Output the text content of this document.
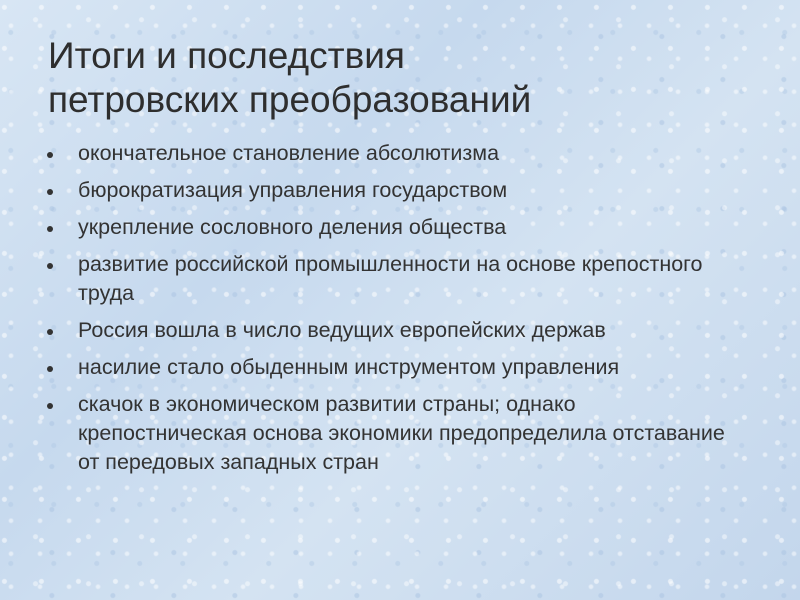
Итоги и последствия
петровских преобразований
окончательное становление абсолютизма
бюрократизация управления государством
укрепление сословного деления общества
развитие российской промышленности на основе крепостного труда
Россия вошла в число ведущих европейских держав
насилие стало обыденным инструментом управления
скачок в экономическом развитии страны; однако крепостническая основа экономики предопределила отставание от передовых западных стран
